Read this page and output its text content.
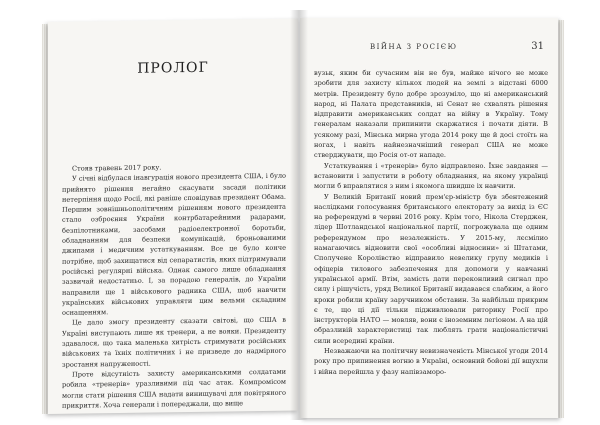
ПРОЛОГ

Стояв травень 2017 року.

У січні відбулася інавгурація нового президента США, і було прийнято рішення негайно скасувати засади політики нетерпіння щодо Росії, які раніше сповідував президент Обама. Першим зовнішньополітичним рішенням нового президента стало озброєння України контрбатарейними радарами, безпілотниками, засобами радіоелектронної боротьби, обладнанням для безпеки комунікацій, броньованими джипами і медичним устаткуванням. Все це було конче потрібне, щоб захищатися від сепаратистів, яких підтримували російські регулярні війська. Однак самого лише обладнання зазвичай недостатньо. І, за порадою генералів, до України направили ще 1 військового радника США, щоб навчити українських військових управляти цим вельми складним оснащенням.

Це дало змогу президенту сказати світові, що США в Україні виступають лише як тренери, а не вояки. Президенту здавалося, що така маленька хитрість стримувати російських військових та їхніх політичних і не призведе до надмірного зростання напруженості.

Проте відсутність захисту американськими солдатами робила «тренерів» уразливими під час атак. Компромісом могли стати рішення США надати винищувачі для повітряного прикриття. Хоча генерали і попереджали, що вище

ВІЙНА З РОСІЄЮ	31

вузьк, яким би сучасним він не був, майже нічого не може зробити для захисту кількох людей на землі з відстані 6000 метрів. Президенту було добре зрозуміло, що ні американський народ, ні Палата представників, ні Сенат не схвалять рішення відправити американських солдат на війну в Україну. Тому генералам наказали припинити скаржатися і почати діяти. В усякому разі, Мінська мирна угода 2014 року ще й досі стоїть на ногах, і навіть найнезначніший генерал США не може стверджувати, що Росія от-от нападе.

Устаткування і «тренерів» було відправлено. Їхнє завдання — встановити і запустити в роботу обладнання, на якому українці могли б вправлятися з ним і якомога швидше іх навчити.

У Великій Британії новий прем'єр-міністр був збентежений наслідками голосування британського електорату за вихід із ЄС на референдумі в червні 2016 року. Крім того, Нікола Стерджен, лідер Шотландської національної партії, погрожувала ще одним референдумом про незалежність. У 2015-му, лєсмілио намагаючись відновити свої «особливі відносини» зі Штатами, Сполучене Королівство відправило невелику групу медиків і офіцерів тилового забезпечення для допомоги у навчанні української армії. Втім, замість дати переконливий сигнал про силу і рішучість, уряд Великої Британії видавався слабким, а його кроки робили країну заручником обставин. За найбільш прикрим є те, що ці дії тільки підживлювали риторику Росії про інструкторів НАТО — мовляв, вони є іноземним легіоном. А на цій образливій характеристиці так люблять грати націоналістичні сили всередині країни.

Незважаючи на політичну невизначеність Мінської угоди 2014 року про припинення вогню в Україні, основний бойові дії вщухли і війна перейшла у фазу напівзаморо-
